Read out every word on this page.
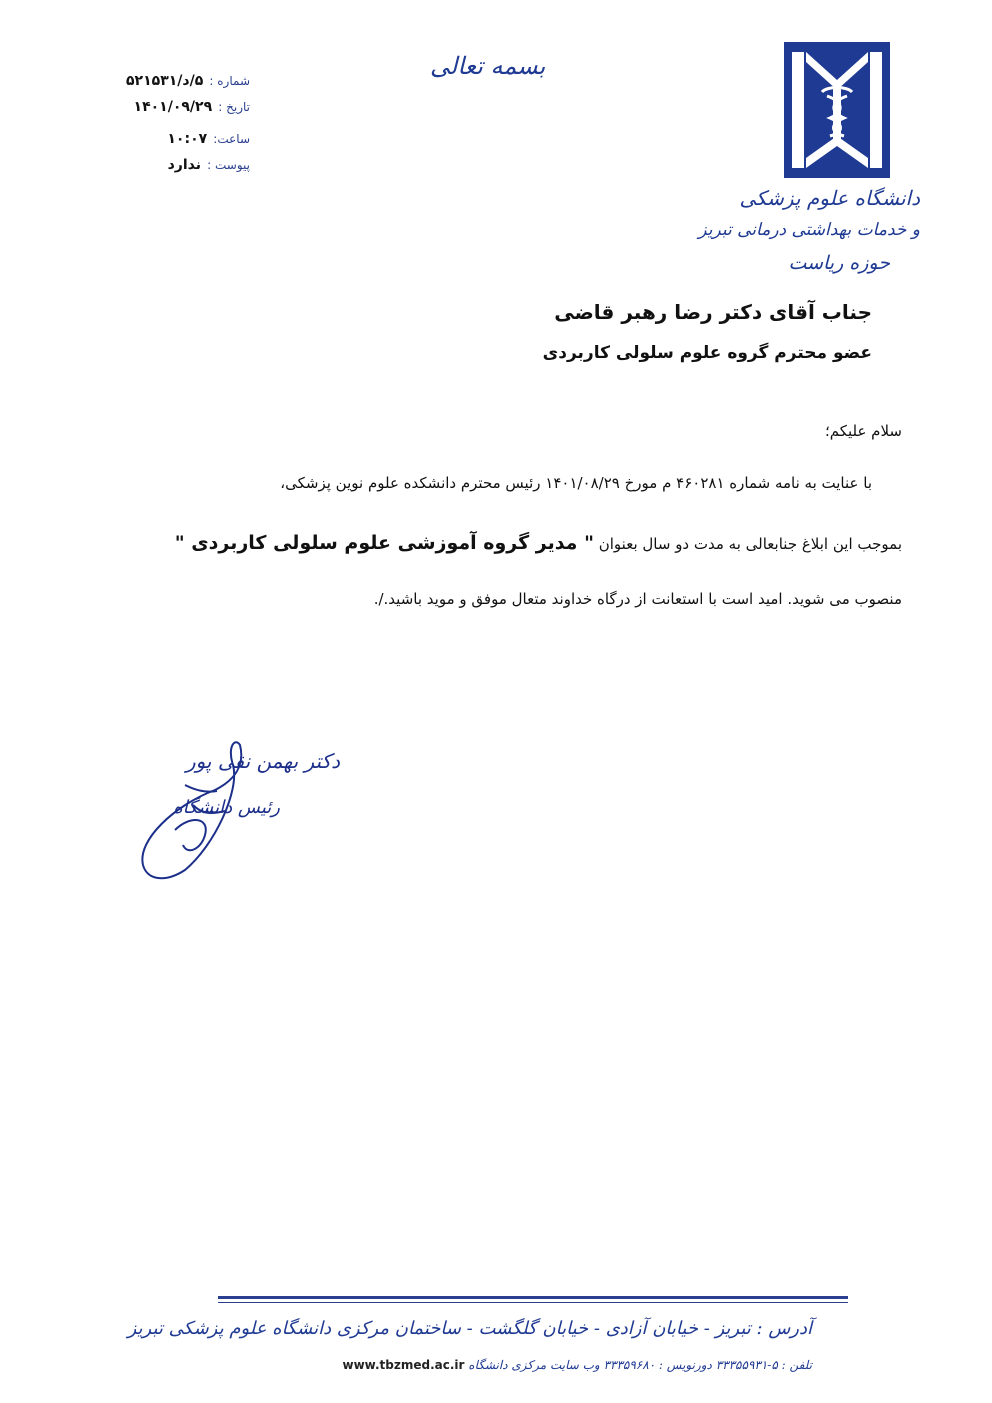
شماره : ۵/د/۵۲۱۵۳۱
تاریخ : ۱۴۰۱/۰۹/۲۹
ساعت: ۱۰:۰۷
پیوست : ندارد
بسمه تعالی
دانشگاه علوم پزشکی
و خدمات بهداشتی درمانی تبریز
حوزه ریاست
جناب آقای دکتر رضا رهبر قاضی
عضو محترم گروه علوم سلولی کاربردی
سلام علیکم؛
با عنایت به نامه شماره ۴۶۰۲۸۱ م مورخ ۱۴۰۱/۰۸/۲۹ رئیس محترم دانشکده علوم نوین پزشکی،
بموجب این ابلاغ جنابعالی به مدت دو سال بعنوان " مدیر گروه آموزشی علوم سلولی کاربردی "
منصوب می شوید. امید است با استعانت از درگاه خداوند متعال موفق و موید باشید./.
دکتر بهمن نقی پور
رئیس دانشگاه
آدرس : تبریز - خیابان آزادی - خیابان گلگشت - ساختمان مرکزی دانشگاه علوم پزشکی تبریز
تلفن : ۵-۳۳۳۵۵۹۳۱ دورنویس : ۳۳۳۵۹۶۸۰ وب سایت مرکزی دانشگاه www.tbzmed.ac.ir
